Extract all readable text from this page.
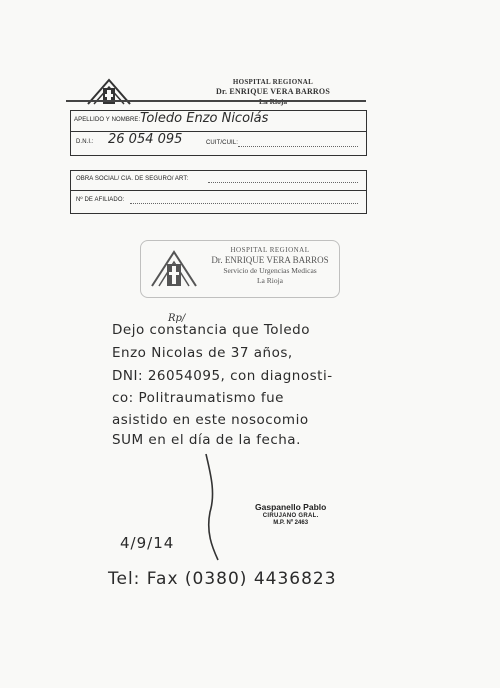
HOSPITAL REGIONAL
Dr. ENRIQUE VERA BARROS
APELLIDO Y NOMBRE: Toledo Enzo Nicolás
D.N.I.: 26 054 095	CUIT/CUIL:
OBRA SOCIAL/ CIA. DE SEGURO/ ART:
Nº DE AFILIADO:
HOSPITAL REGIONAL
Dr. ENRIQUE VERA BARROS
Servicio de Urgencias Medicas
La Rioja
Rp/
Dejo constancia que Toledo
Enzo Nicolas de 37 años,
DNI: 26054095, con diagnosti-
co: Politraumatismo fue
asistido en este nosocomio
SUM en el día de la fecha.
Gaspanello Pablo
CIRUJANO GRAL.
M.P. Nº 2463
4/9/14
Tel: Fax (0380) 4436823
